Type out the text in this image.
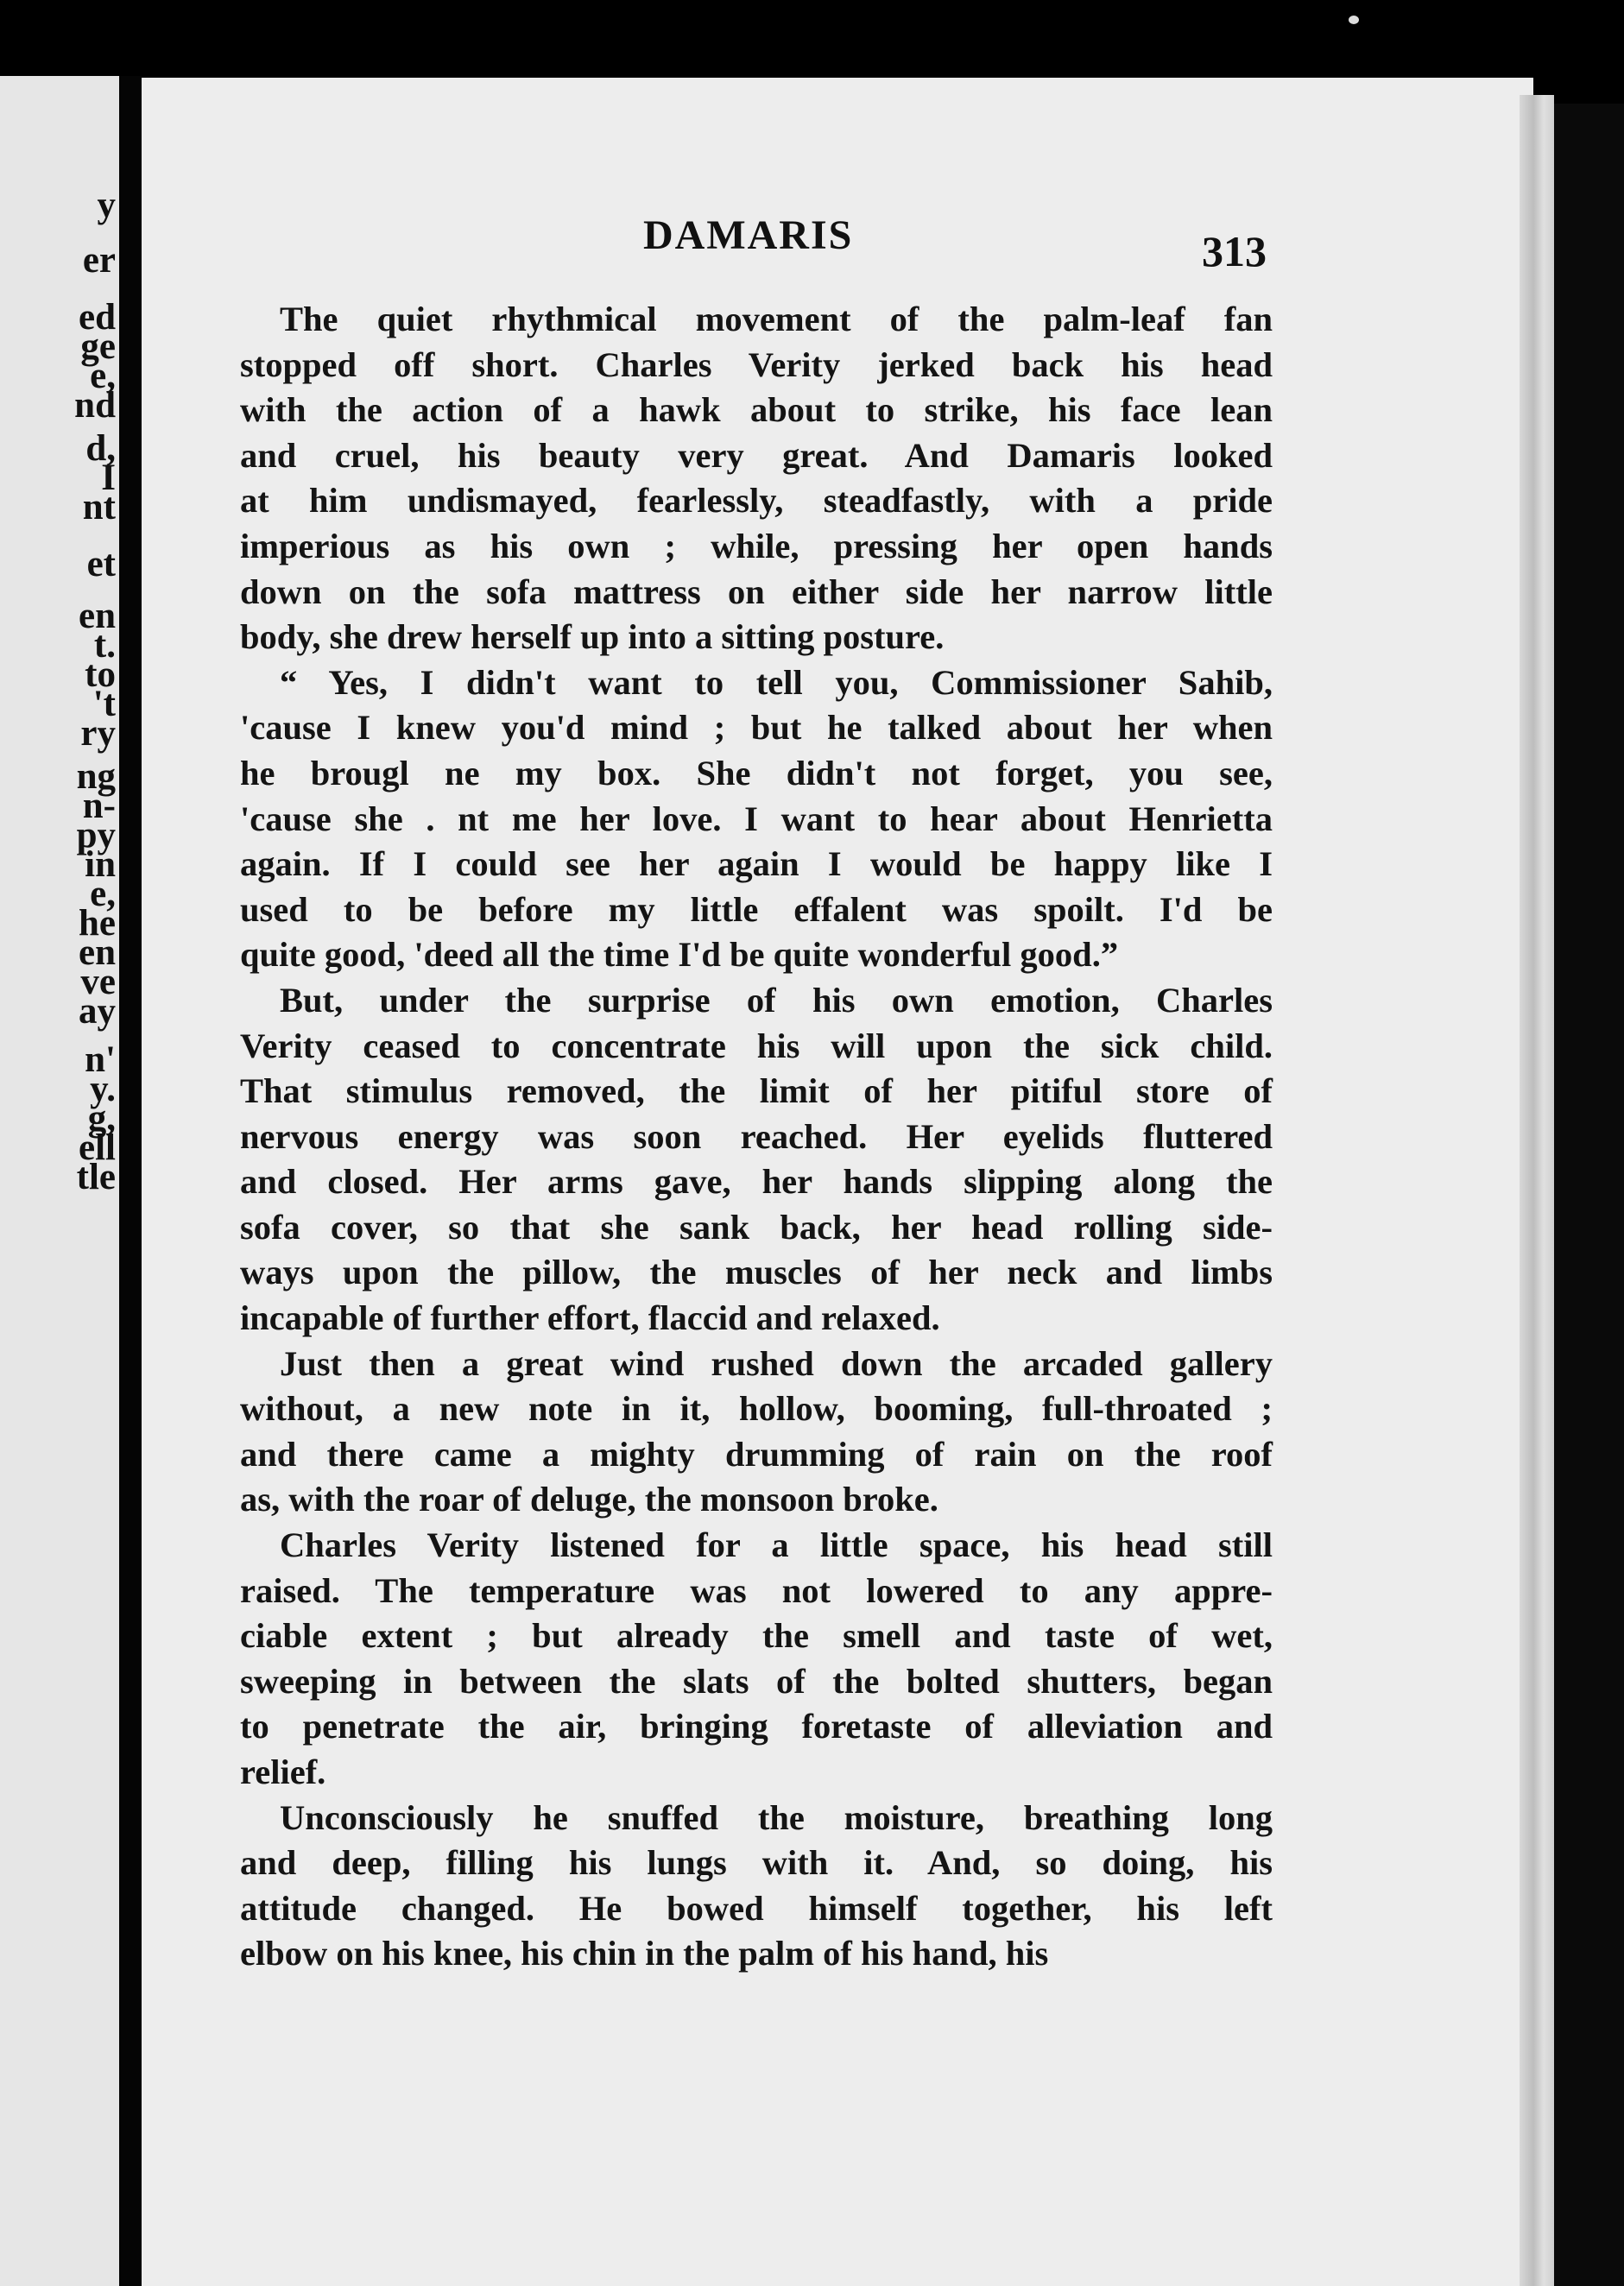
y
er
ed
ge
e,
nd
d,
I
nt
et
en
t.
to
't
ry
ng
n-
py
in
e,
he
en
ve
ay
n'
y.
g,
ell
tle
DAMARIS	313
The quiet rhythmical movement of the palm-leaf fan
stopped off short. Charles Verity jerked back his head
with the action of a hawk about to strike, his face lean
and cruel, his beauty very great. And Damaris looked
at him undismayed, fearlessly, steadfastly, with a pride
imperious as his own ; while, pressing her open hands
down on the sofa mattress on either side her narrow little
body, she drew herself up into a sitting posture.
“ Yes, I didn't want to tell you, Commissioner Sahib,
'cause I knew you'd mind ; but he talked about her when
he brougl ne my box. She didn't not forget, you see,
'cause she . nt me her love. I want to hear about Henrietta
again. If I could see her again I would be happy like I
used to be before my little effalent was spoilt. I'd be
quite good, 'deed all the time I'd be quite wonderful good.”
But, under the surprise of his own emotion, Charles
Verity ceased to concentrate his will upon the sick child.
That stimulus removed, the limit of her pitiful store of
nervous energy was soon reached. Her eyelids fluttered
and closed. Her arms gave, her hands slipping along the
sofa cover, so that she sank back, her head rolling side-
ways upon the pillow, the muscles of her neck and limbs
incapable of further effort, flaccid and relaxed.
Just then a great wind rushed down the arcaded gallery
without, a new note in it, hollow, booming, full-throated ;
and there came a mighty drumming of rain on the roof
as, with the roar of deluge, the monsoon broke.
Charles Verity listened for a little space, his head still
raised. The temperature was not lowered to any appre-
ciable extent ; but already the smell and taste of wet,
sweeping in between the slats of the bolted shutters, began
to penetrate the air, bringing foretaste of alleviation and
relief.
Unconsciously he snuffed the moisture, breathing long
and deep, filling his lungs with it. And, so doing, his
attitude changed. He bowed himself together, his left
elbow on his knee, his chin in the palm of his hand, his
